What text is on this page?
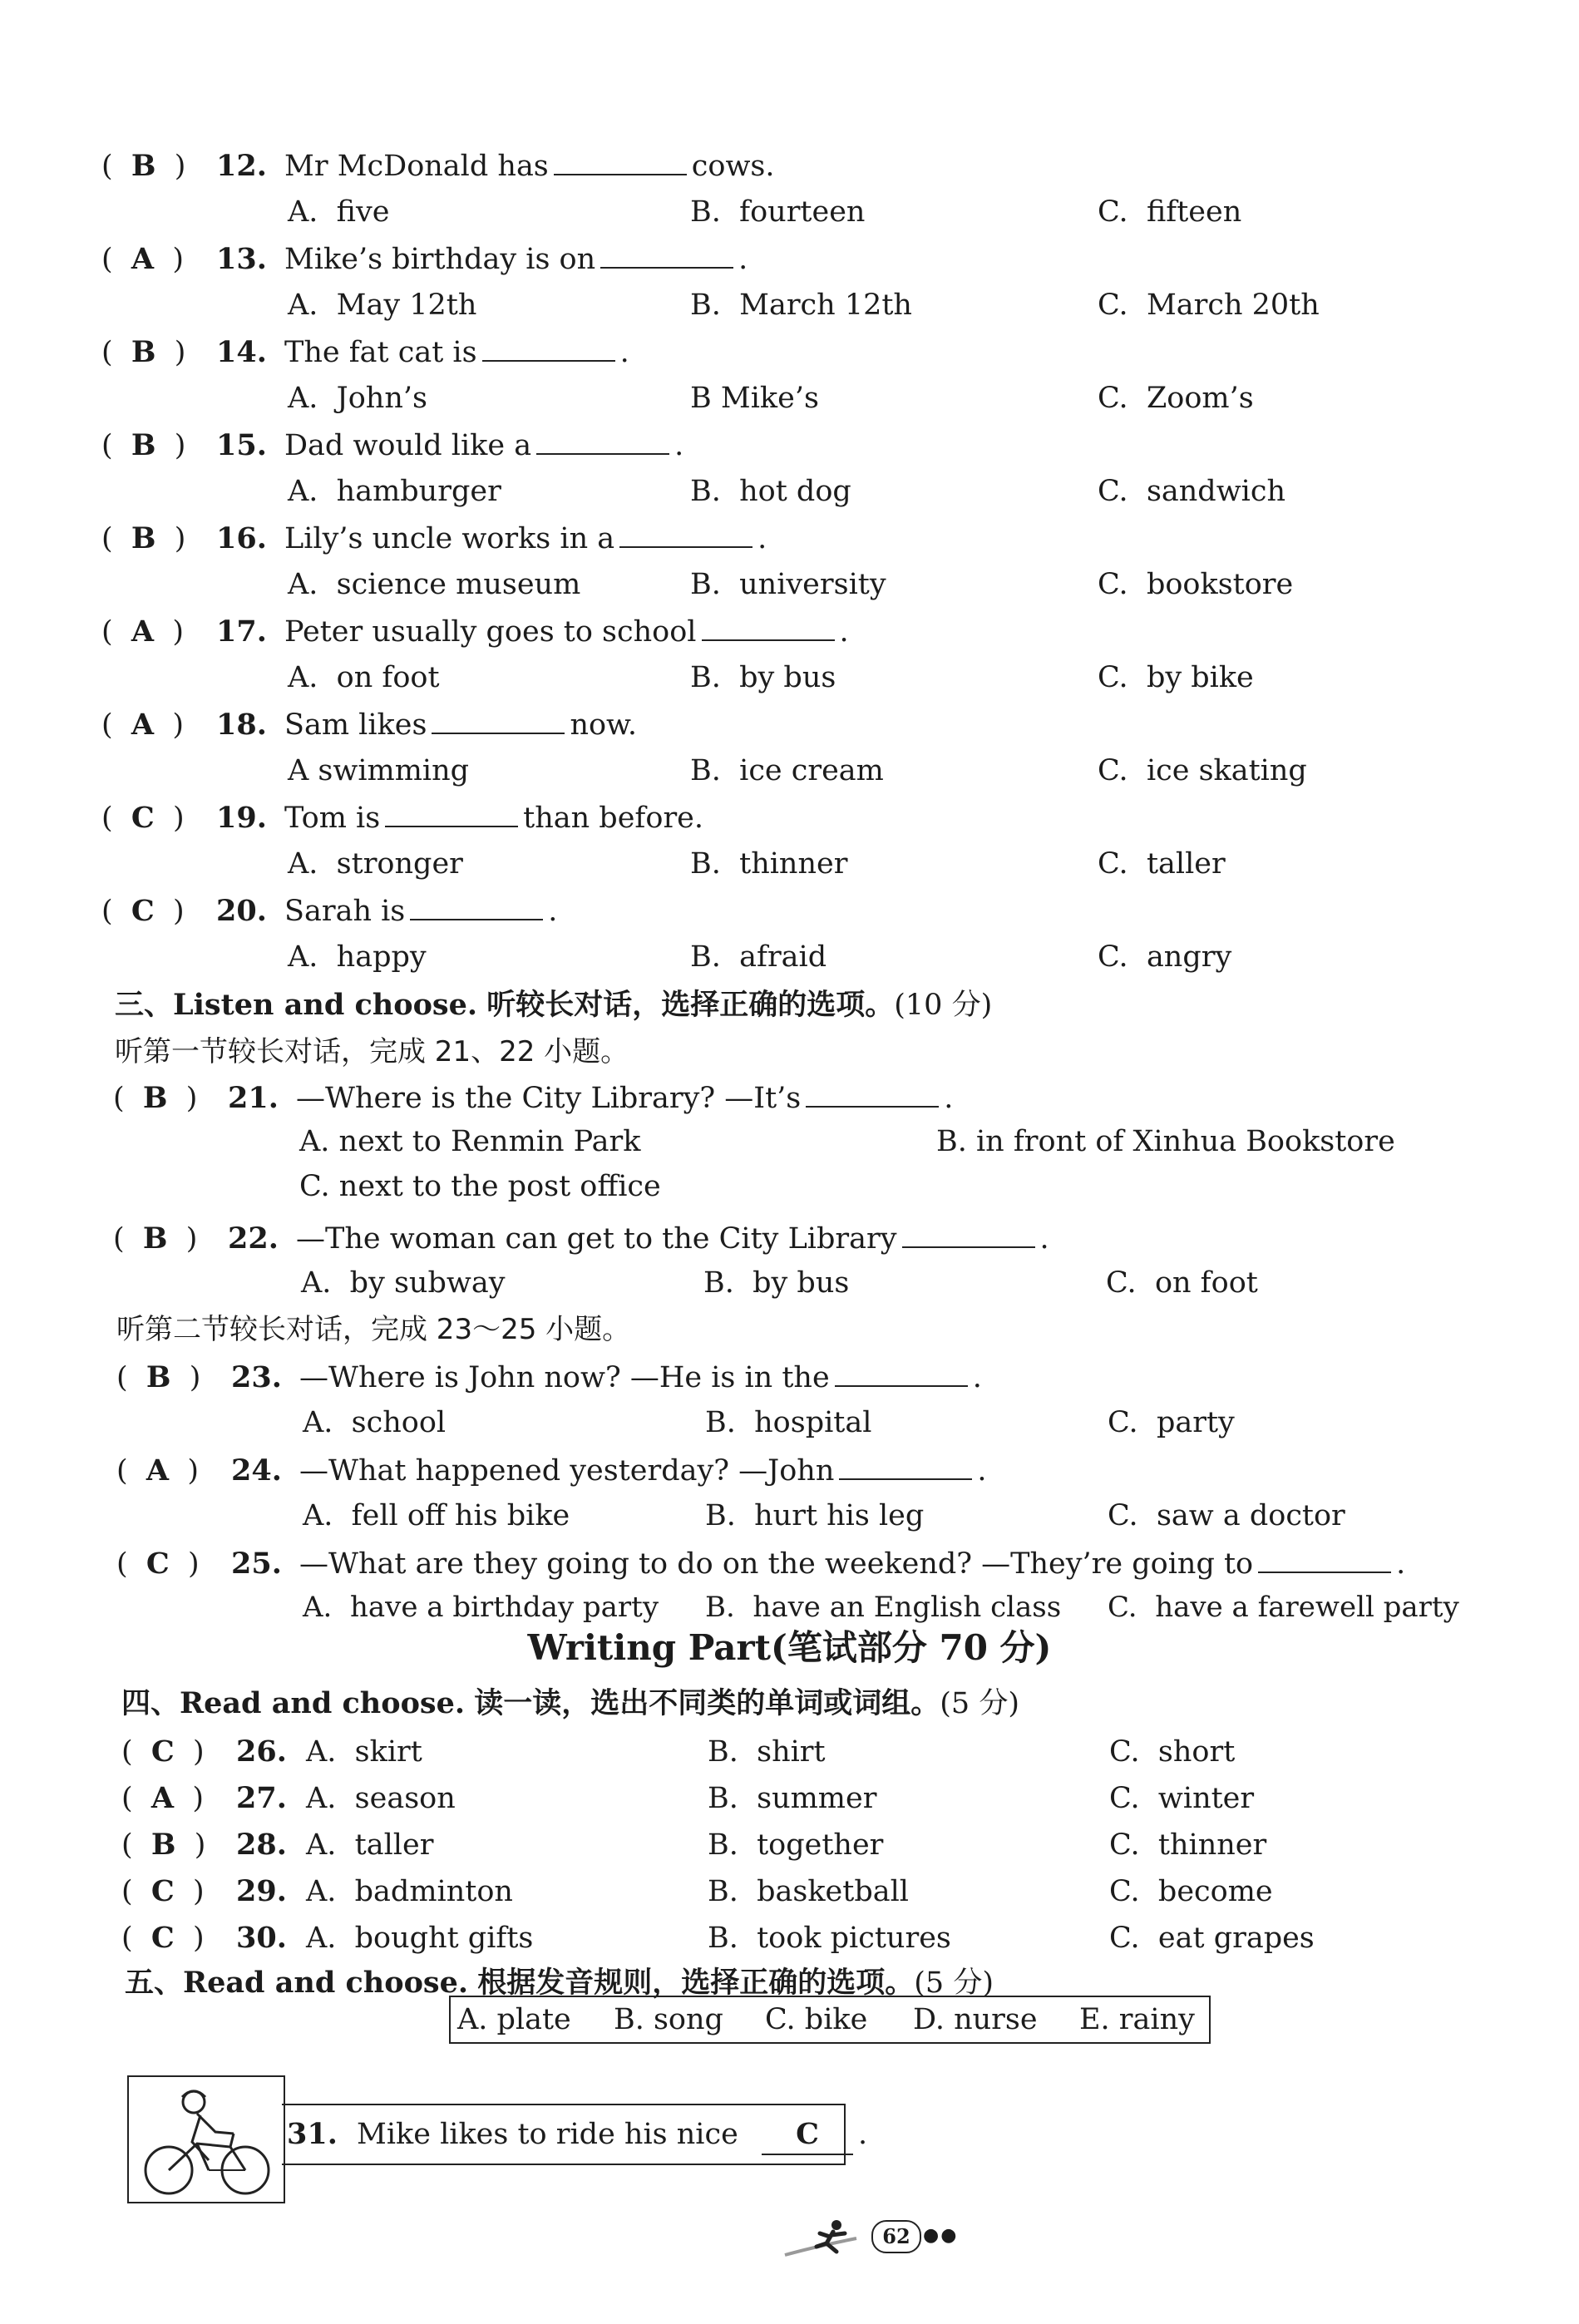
(  B  ) 12. Mr McDonald has	cows.
A. five	B. fourteen	C. fifteen
(  A  ) 13. Mike’s birthday is on	.
A. May 12th	B. March 12th	C. March 20th
(  B  ) 14. The fat cat is	.
A. John’s	B Mike’s	C. Zoom’s
(  B  ) 15. Dad would like a	.
A. hamburger	B. hot dog	C. sandwich
(  B  ) 16. Lily’s uncle works in a	.
A. science museum	B. university	C. bookstore
(  A  ) 17. Peter usually goes to school	.
A. on foot	B. by bus	C. by bike
(  A  ) 18. Sam likes	now.
A swimming	B. ice cream	C. ice skating
(  C  ) 19. Tom is	than before.
A. stronger	B. thinner	C. taller
(  C  ) 20. Sarah is	.
A. happy	B. afraid	C. angry
三、Listen and choose. 听较长对话，选择正确的选项。(10 分)
听第一节较长对话，完成 21、22 小题。
(  B  ) 21. —Where is the City Library? —It’s	.
A. next to Renmin Park	B. in front of Xinhua Bookstore
C. next to the post office
(  B  ) 22. —The woman can get to the City Library	.
A. by subway	B. by bus	C. on foot
听第二节较长对话，完成 23～25 小题。
(  B  ) 23. —Where is John now? —He is in the	.
A. school	B. hospital	C. party
(  A  ) 24. —What happened yesterday? —John	.
A. fell off his bike	B. hurt his leg	C. saw a doctor
(  C  ) 25. —What are they going to do on the weekend? —They’re going to	.
A. have a birthday party B. have an English class C. have a farewell party
Writing Part(笔试部分 70 分)
四、Read and choose. 读一读，选出不同类的单词或词组。(5 分)
(  C  ) 26. A.  skirt	B.  shirt	C.  short
(  A  ) 27. A.  season	B.  summer	C.  winter
(  B  ) 28. A.  taller	B.  together	C.  thinner
(  C  ) 29. A.  badminton	B.  basketball	C.  become
(  C  ) 30. A.  bought gifts	B.  took pictures	C.  eat grapes
五、Read and choose. 根据发音规则，选择正确的选项。(5 分)
A. plate B. song C. bike D. nurse E. rainy
31. Mike likes to ride his nice C .
62 ●●
